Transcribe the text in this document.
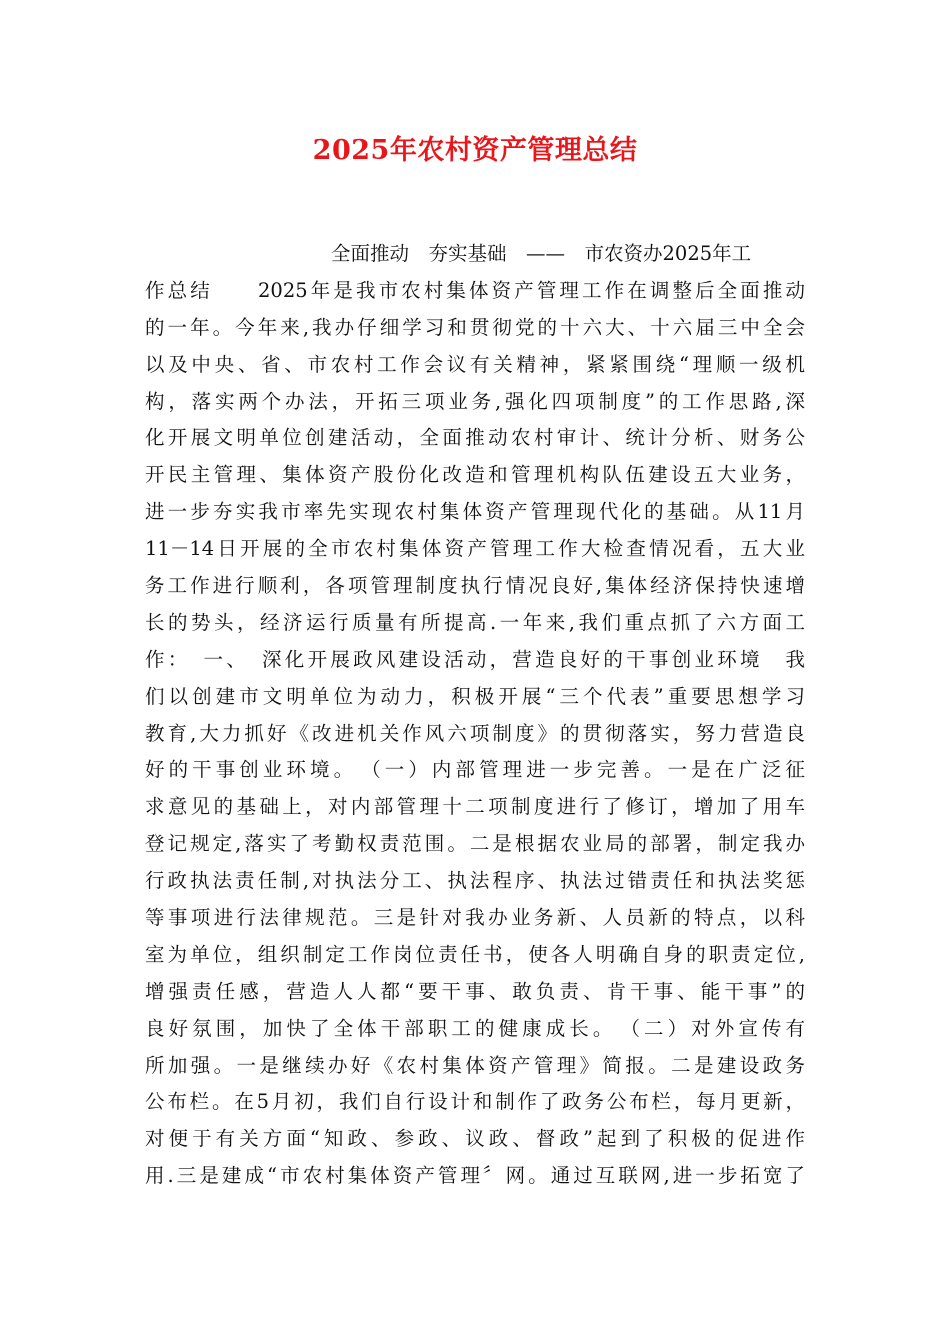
2025年农村资产管理总结
全面推动　夯实基础　——　市农资办2025年工
作总结　　2025年是我市农村集体资产管理工作在调整后全面推动
的一年。今年来,我办仔细学习和贯彻党的十六大、十六届三中全会
以及中央、省、市农村工作会议有关精神，紧紧围绕“理顺一级机
构，落实两个办法，开拓三项业务,强化四项制度”的工作思路,深
化开展文明单位创建活动，全面推动农村审计、统计分析、财务公
开民主管理、集体资产股份化改造和管理机构队伍建设五大业务，
进一步夯实我市率先实现农村集体资产管理现代化的基础。从11月
11－14日开展的全市农村集体资产管理工作大检查情况看，五大业
务工作进行顺利，各项管理制度执行情况良好,集体经济保持快速增
长的势头，经济运行质量有所提高.一年来,我们重点抓了六方面工
作：　一、　深化开展政风建设活动，营造良好的干事创业环境　我
们以创建市文明单位为动力，积极开展“三个代表”重要思想学习
教育,大力抓好《改进机关作风六项制度》的贯彻落实，努力营造良
好的干事创业环境。　（一）内部管理进一步完善。一是在广泛征
求意见的基础上，对内部管理十二项制度进行了修订，增加了用车
登记规定,落实了考勤权责范围。二是根据农业局的部署，制定我办
行政执法责任制,对执法分工、执法程序、执法过错责任和执法奖惩
等事项进行法律规范。三是针对我办业务新、人员新的特点，以科
室为单位，组织制定工作岗位责任书，使各人明确自身的职责定位,
增强责任感，营造人人都“要干事、敢负责、肯干事、能干事”的
良好氛围，加快了全体干部职工的健康成长。　（二）对外宣传有
所加强。一是继续办好《农村集体资产管理》简报。二是建设政务
公布栏。在5月初，我们自行设计和制作了政务公布栏，每月更新，
对便于有关方面“知政、参政、议政、督政”起到了积极的促进作
用.三是建成“市农村集体资产管理〞网。通过互联网,进一步拓宽了
